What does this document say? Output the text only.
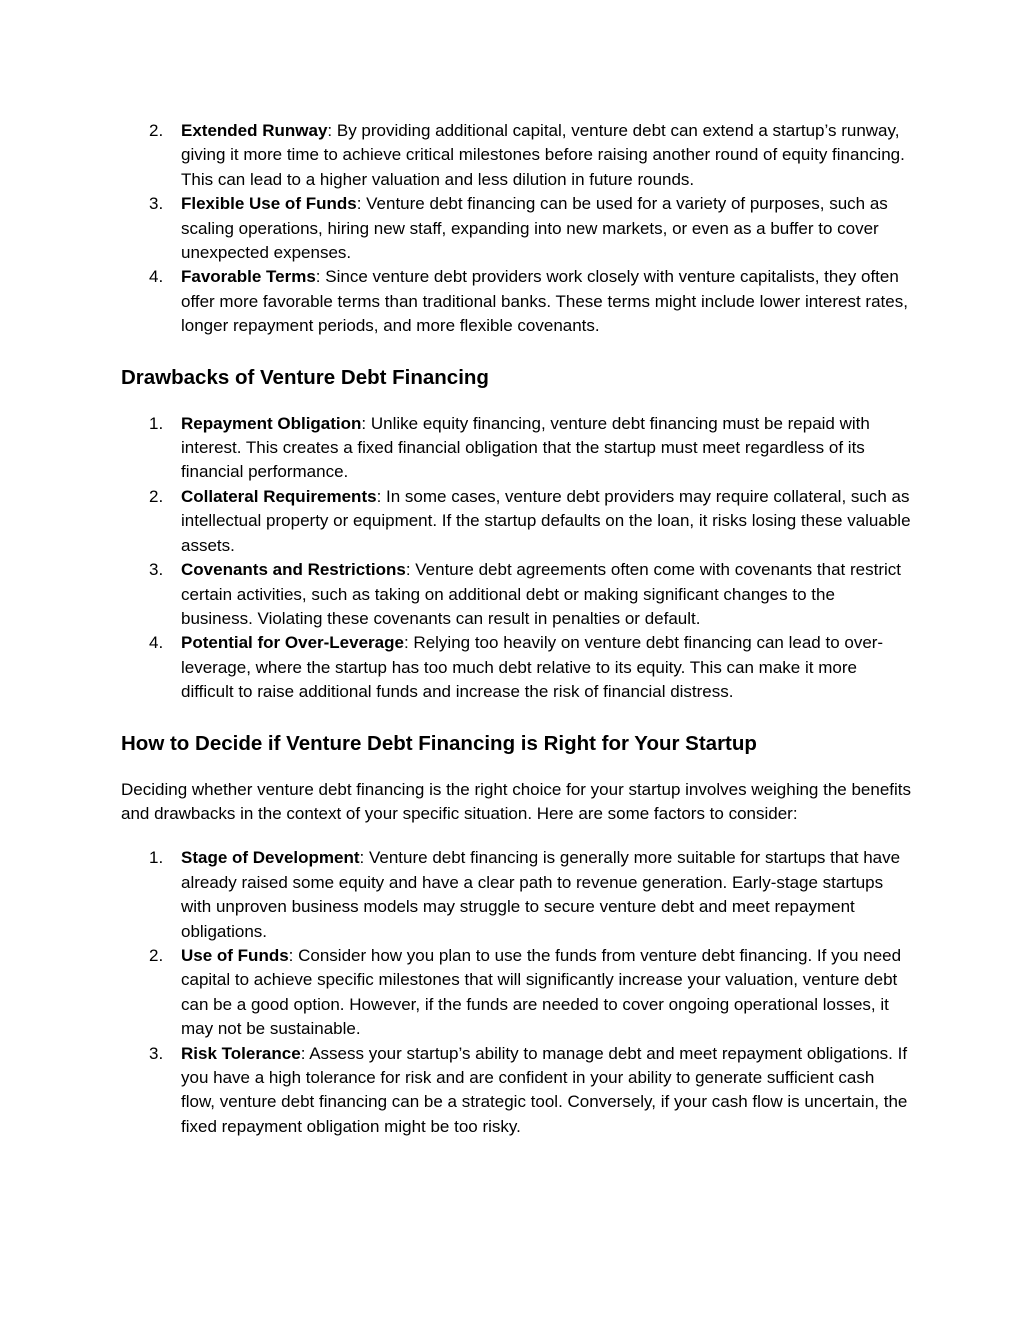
2. Extended Runway: By providing additional capital, venture debt can extend a startup’s runway, giving it more time to achieve critical milestones before raising another round of equity financing. This can lead to a higher valuation and less dilution in future rounds.
3. Flexible Use of Funds: Venture debt financing can be used for a variety of purposes, such as scaling operations, hiring new staff, expanding into new markets, or even as a buffer to cover unexpected expenses.
4. Favorable Terms: Since venture debt providers work closely with venture capitalists, they often offer more favorable terms than traditional banks. These terms might include lower interest rates, longer repayment periods, and more flexible covenants.
Drawbacks of Venture Debt Financing
1. Repayment Obligation: Unlike equity financing, venture debt financing must be repaid with interest. This creates a fixed financial obligation that the startup must meet regardless of its financial performance.
2. Collateral Requirements: In some cases, venture debt providers may require collateral, such as intellectual property or equipment. If the startup defaults on the loan, it risks losing these valuable assets.
3. Covenants and Restrictions: Venture debt agreements often come with covenants that restrict certain activities, such as taking on additional debt or making significant changes to the business. Violating these covenants can result in penalties or default.
4. Potential for Over-Leverage: Relying too heavily on venture debt financing can lead to over-leverage, where the startup has too much debt relative to its equity. This can make it more difficult to raise additional funds and increase the risk of financial distress.
How to Decide if Venture Debt Financing is Right for Your Startup

Deciding whether venture debt financing is the right choice for your startup involves weighing the benefits and drawbacks in the context of your specific situation. Here are some factors to consider:

1. Stage of Development: Venture debt financing is generally more suitable for startups that have already raised some equity and have a clear path to revenue generation. Early-stage startups with unproven business models may struggle to secure venture debt and meet repayment obligations.
2. Use of Funds: Consider how you plan to use the funds from venture debt financing. If you need capital to achieve specific milestones that will significantly increase your valuation, venture debt can be a good option. However, if the funds are needed to cover ongoing operational losses, it may not be sustainable.
3. Risk Tolerance: Assess your startup’s ability to manage debt and meet repayment obligations. If you have a high tolerance for risk and are confident in your ability to generate sufficient cash flow, venture debt financing can be a strategic tool. Conversely, if your cash flow is uncertain, the fixed repayment obligation might be too risky.
